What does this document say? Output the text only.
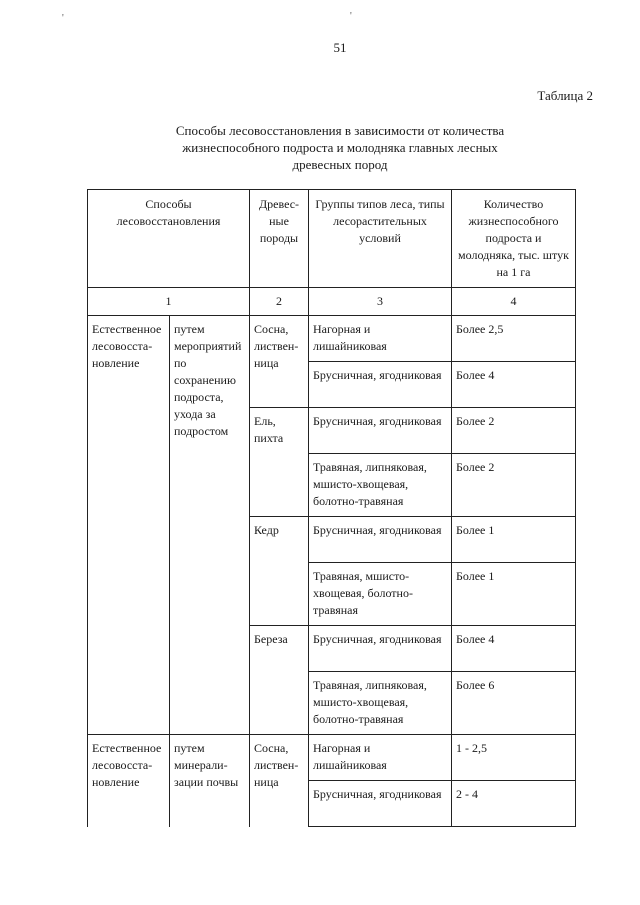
'	'
51
Таблица 2
Способы лесовосстановления в зависимости от количества
жизнеспособного подроста и молодняка главных лесных
древесных пород
Способы лесовосстановления		Древес-ные породы	Группы типов леса, типы лесорастительных условий	Количество жизнеспособного подроста и молодняка, тыс. штук на 1 га
1		2	3	4
Естественное лесовосста-новление	путем мероприятий по сохранению подроста, ухода за подростом	Сосна, листвен-ница	Нагорная и лишайниковая	Более 2,5
			Брусничная, ягодниковая	Более 4
		Ель, пихта	Брусничная, ягодниковая	Более 2
			Травяная, липняковая, мшисто-хвощевая, болотно-травяная	Более 2
		Кедр	Брусничная, ягодниковая	Более 1
			Травяная, мшисто-хвощевая, болотно-травяная	Более 1
		Береза	Брусничная, ягодниковая	Более 4
			Травяная, липняковая, мшисто-хвощевая, болотно-травяная	Более 6
Естественное лесовосста-новление	путем минерали-зации почвы	Сосна, листвен-ница	Нагорная и лишайниковая	1 - 2,5
			Брусничная, ягодниковая	2 - 4
